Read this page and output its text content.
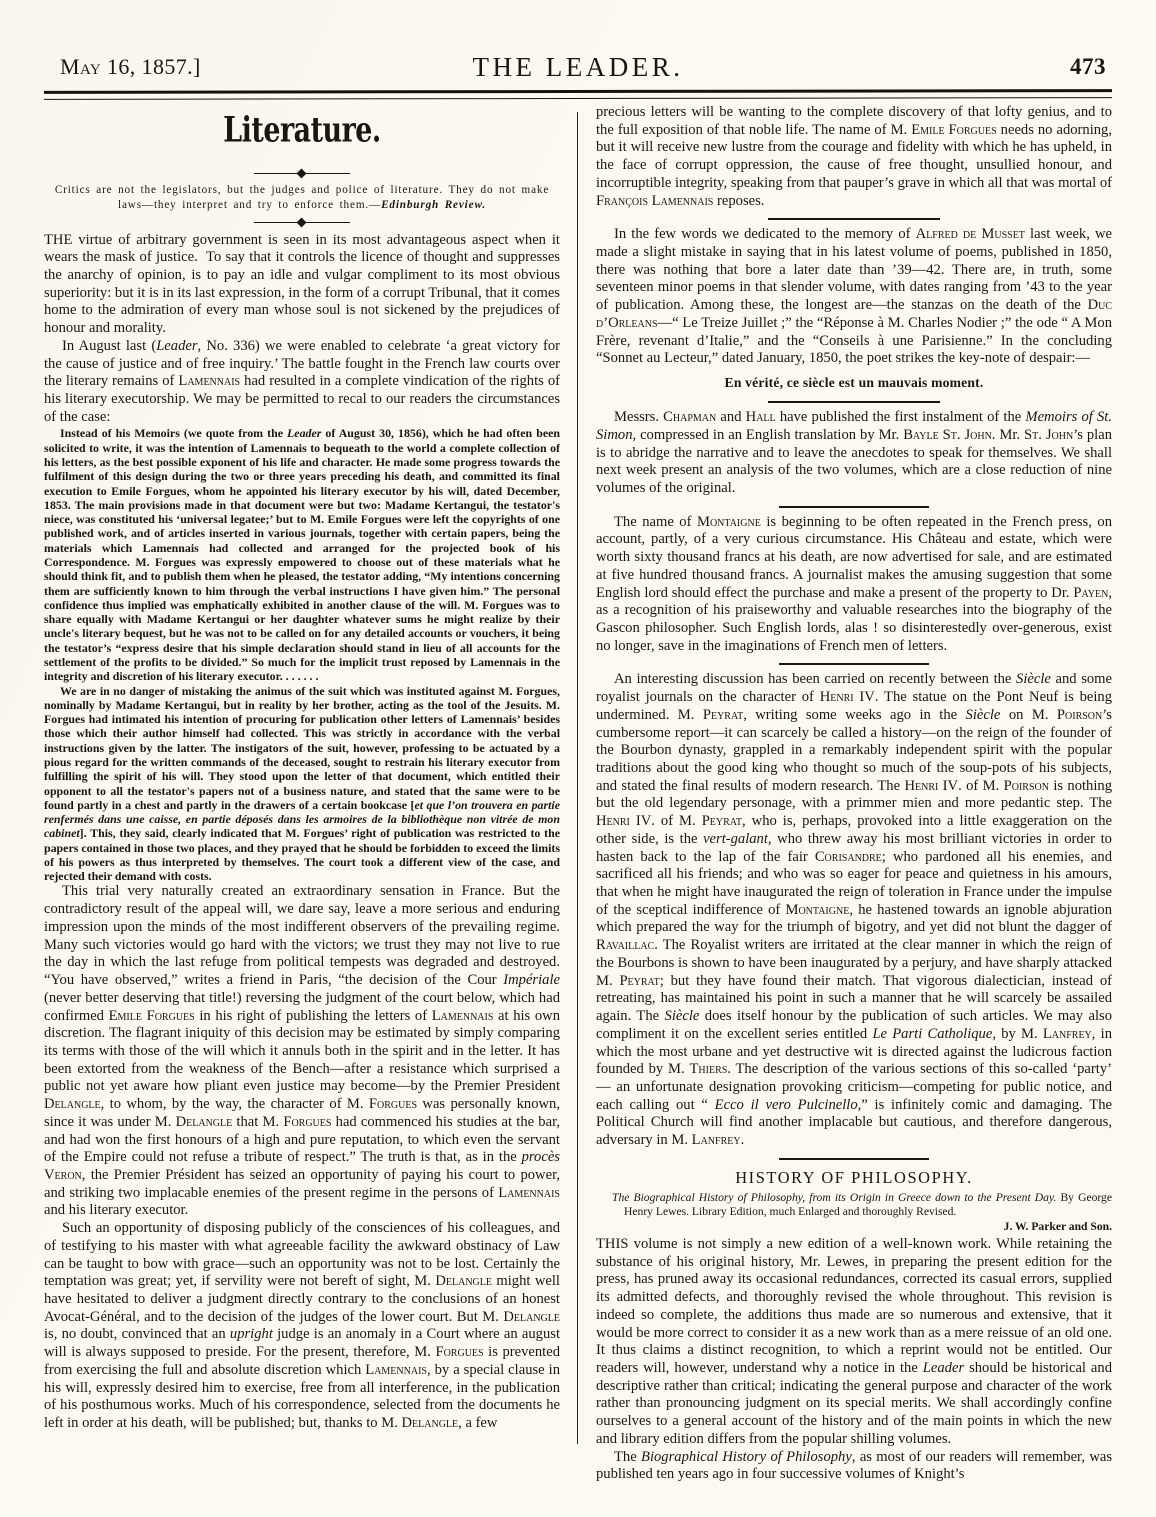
May 16, 1857.]	THE LEADER.	473
Literature.
Critics are not the legislators, but the judges and police of literature. They do not make laws—they interpret and try to enforce them.—Edinburgh Review.

THE virtue of arbitrary government is seen in its most advantageous aspect when it wears the mask of justice.  To say that it controls the licence of thought and suppresses the anarchy of opinion, is to pay an idle and vulgar compliment to its most obvious superiority: but it is in its last expression, in the form of a corrupt Tribunal, that it comes home to the admiration of every man whose soul is not sickened by the prejudices of honour and morality.

In August last (Leader, No. 336) we were enabled to celebrate ‘a great victory for the cause of justice and of free inquiry.’ The battle fought in the French law courts over the literary remains of Lamennais had resulted in a complete vindication of the rights of his literary executorship. We may be permitted to recal to our readers the circumstances of the case:

Instead of his Memoirs (we quote from the Leader of August 30, 1856), which he had often been solicited to write, it was the intention of Lamennais to bequeath to the world a complete collection of his letters, as the best possible exponent of his life and character. He made some progress towards the fulfilment of this design during the two or three years preceding his death, and committed its final execution to Emile Forgues, whom he appointed his literary executor by his will, dated December, 1853. The main provisions made in that document were but two: Madame Kertangui, the testator's niece, was constituted his ‘universal legatee;’ but to M. Emile Forgues were left the copyrights of one published work, and of articles inserted in various journals, together with certain papers, being the materials which Lamennais had collected and arranged for the projected book of his Correspondence. M. Forgues was expressly empowered to choose out of these materials what he should think fit, and to publish them when he pleased, the testator adding, “My intentions concerning them are sufficiently known to him through the verbal instructions I have given him.” The personal confidence thus implied was emphatically exhibited in another clause of the will. M. Forgues was to share equally with Madame Kertangui or her daughter whatever sums he might realize by their uncle's literary bequest, but he was not to be called on for any detailed accounts or vouchers, it being the testator’s “express desire that his simple declaration should stand in lieu of all accounts for the settlement of the profits to be divided.” So much for the implicit trust reposed by Lamennais in the integrity and discretion of his literary executor. . . . . . .

We are in no danger of mistaking the animus of the suit which was instituted against M. Forgues, nominally by Madame Kertangui, but in reality by her brother, acting as the tool of the Jesuits. M. Forgues had intimated his intention of procuring for publication other letters of Lamennais’ besides those which their author himself had collected. This was strictly in accordance with the verbal instructions given by the latter. The instigators of the suit, however, professing to be actuated by a pious regard for the written commands of the deceased, sought to restrain his literary executor from fulfilling the spirit of his will. They stood upon the letter of that document, which entitled their opponent to all the testator's papers not of a business nature, and stated that the same were to be found partly in a chest and partly in the drawers of a certain bookcase [et que l’on trouvera en partie renfermés dans une caisse, en partie déposés dans les armoires de la bibliothèque non vitrée de mon cabinet]. This, they said, clearly indicated that M. Forgues’ right of publication was restricted to the papers contained in those two places, and they prayed that he should be forbidden to exceed the limits of his powers as thus interpreted by themselves. The court took a different view of the case, and rejected their demand with costs.

This trial very naturally created an extraordinary sensation in France. But the contradictory result of the appeal will, we dare say, leave a more serious and enduring impression upon the minds of the most indifferent observers of the prevailing regime. Many such victories would go hard with the victors; we trust they may not live to rue the day in which the last refuge from political tempests was degraded and destroyed. “You have observed,” writes a friend in Paris, “the decision of the Cour Impériale (never better deserving that title!) reversing the judgment of the court below, which had confirmed Emile Forgues in his right of publishing the letters of Lamennais at his own discretion. The flagrant iniquity of this decision may be estimated by simply comparing its terms with those of the will which it annuls both in the spirit and in the letter. It has been extorted from the weakness of the Bench—after a resistance which surprised a public not yet aware how pliant even justice may become—by the Premier President Delangle, to whom, by the way, the character of M. Forgues was personally known, since it was under M. Delangle that M. Forgues had commenced his studies at the bar, and had won the first honours of a high and pure reputation, to which even the servant of the Empire could not refuse a tribute of respect.” The truth is that, as in the procès Veron, the Premier Président has seized an opportunity of paying his court to power, and striking two implacable enemies of the present regime in the persons of Lamennais and his literary executor.

Such an opportunity of disposing publicly of the consciences of his colleagues, and of testifying to his master with what agreeable facility the awkward obstinacy of Law can be taught to bow with grace—such an opportunity was not to be lost. Certainly the temptation was great; yet, if servility were not bereft of sight, M. Delangle might well have hesitated to deliver a judgment directly contrary to the conclusions of an honest Avocat-Général, and to the decision of the judges of the lower court. But M. Delangle is, no doubt, convinced that an upright judge is an anomaly in a Court where an august will is always supposed to preside. For the present, therefore, M. Forgues is prevented from exercising the full and absolute discretion which Lamennais, by a special clause in his will, expressly desired him to exercise, free from all interference, in the publication of his posthumous works. Much of his correspondence, selected from the documents he left in order at his death, will be published; but, thanks to M. Delangle, a few

precious letters will be wanting to the complete discovery of that lofty genius, and to the full exposition of that noble life. The name of M. Emile Forgues needs no adorning, but it will receive new lustre from the courage and fidelity with which he has upheld, in the face of corrupt oppression, the cause of free thought, unsullied honour, and incorruptible integrity, speaking from that pauper’s grave in which all that was mortal of François Lamennais reposes.

In the few words we dedicated to the memory of Alfred de Musset last week, we made a slight mistake in saying that in his latest volume of poems, published in 1850, there was nothing that bore a later date than ’39—42. There are, in truth, some seventeen minor poems in that slender volume, with dates ranging from ’43 to the year of publication. Among these, the longest are—the stanzas on the death of the Duc d’Orleans—“ Le Treize Juillet ;” the “Réponse à M. Charles Nodier ;” the ode “ A Mon Frère, revenant d’Italie,” and the “Conseils à une Parisienne.” In the concluding “Sonnet au Lecteur,” dated January, 1850, the poet strikes the key-note of despair:—

En vérité, ce siècle est un mauvais moment.

Messrs. Chapman and Hall have published the first instalment of the Memoirs of St. Simon, compressed in an English translation by Mr. Bayle St. John. Mr. St. John’s plan is to abridge the narrative and to leave the anecdotes to speak for themselves. We shall next week present an analysis of the two volumes, which are a close reduction of nine volumes of the original.

The name of Montaigne is beginning to be often repeated in the French press, on account, partly, of a very curious circumstance. His Château and estate, which were worth sixty thousand francs at his death, are now advertised for sale, and are estimated at five hundred thousand francs. A journalist makes the amusing suggestion that some English lord should effect the purchase and make a present of the property to Dr. Payen, as a recognition of his praiseworthy and valuable researches into the biography of the Gascon philosopher. Such English lords, alas ! so disinterestedly over-generous, exist no longer, save in the imaginations of French men of letters.

An interesting discussion has been carried on recently between the Siècle and some royalist journals on the character of Henri IV. The statue on the Pont Neuf is being undermined. M. Peyrat, writing some weeks ago in the Siècle on M. Poirson’s cumbersome report—it can scarcely be called a history—on the reign of the founder of the Bourbon dynasty, grappled in a remarkably independent spirit with the popular traditions about the good king who thought so much of the soup-pots of his subjects, and stated the final results of modern research. The Henri IV. of M. Poirson is nothing but the old legendary personage, with a primmer mien and more pedantic step. The Henri IV. of M. Peyrat, who is, perhaps, provoked into a little exaggeration on the other side, is the vert-galant, who threw away his most brilliant victories in order to hasten back to the lap of the fair Corisandre; who pardoned all his enemies, and sacrificed all his friends; and who was so eager for peace and quietness in his amours, that when he might have inaugurated the reign of toleration in France under the impulse of the sceptical indifference of Montaigne, he hastened towards an ignoble abjuration which prepared the way for the triumph of bigotry, and yet did not blunt the dagger of Ravaillac. The Royalist writers are irritated at the clear manner in which the reign of the Bourbons is shown to have been inaugurated by a perjury, and have sharply attacked M. Peyrat; but they have found their match. That vigorous dialectician, instead of retreating, has maintained his point in such a manner that he will scarcely be assailed again. The Siècle does itself honour by the publication of such articles. We may also compliment it on the excellent series entitled Le Parti Catholique, by M. Lanfrey, in which the most urbane and yet destructive wit is directed against the ludicrous faction founded by M. Thiers. The description of the various sections of this so-called ‘party’ — an unfortunate designation provoking criticism—competing for public notice, and each calling out “ Ecco il vero Pulcinello,” is infinitely comic and damaging. The Political Church will find another implacable but cautious, and therefore dangerous, adversary in M. Lanfrey.

HISTORY OF PHILOSOPHY.
The Biographical History of Philosophy, from its Origin in Greece down to the Present Day. By George Henry Lewes. Library Edition, much Enlarged and thoroughly Revised.
J. W. Parker and Son.

THIS volume is not simply a new edition of a well-known work. While retaining the substance of his original history, Mr. Lewes, in preparing the present edition for the press, has pruned away its occasional redundances, corrected its casual errors, supplied its admitted defects, and thoroughly revised the whole throughout. This revision is indeed so complete, the additions thus made are so numerous and extensive, that it would be more correct to consider it as a new work than as a mere reissue of an old one. It thus claims a distinct recognition, to which a reprint would not be entitled. Our readers will, however, understand why a notice in the Leader should be historical and descriptive rather than critical; indicating the general purpose and character of the work rather than pronouncing judgment on its special merits. We shall accordingly confine ourselves to a general account of the history and of the main points in which the new and library edition differs from the popular shilling volumes.

The Biographical History of Philosophy, as most of our readers will remember, was published ten years ago in four successive volumes of Knight’s
